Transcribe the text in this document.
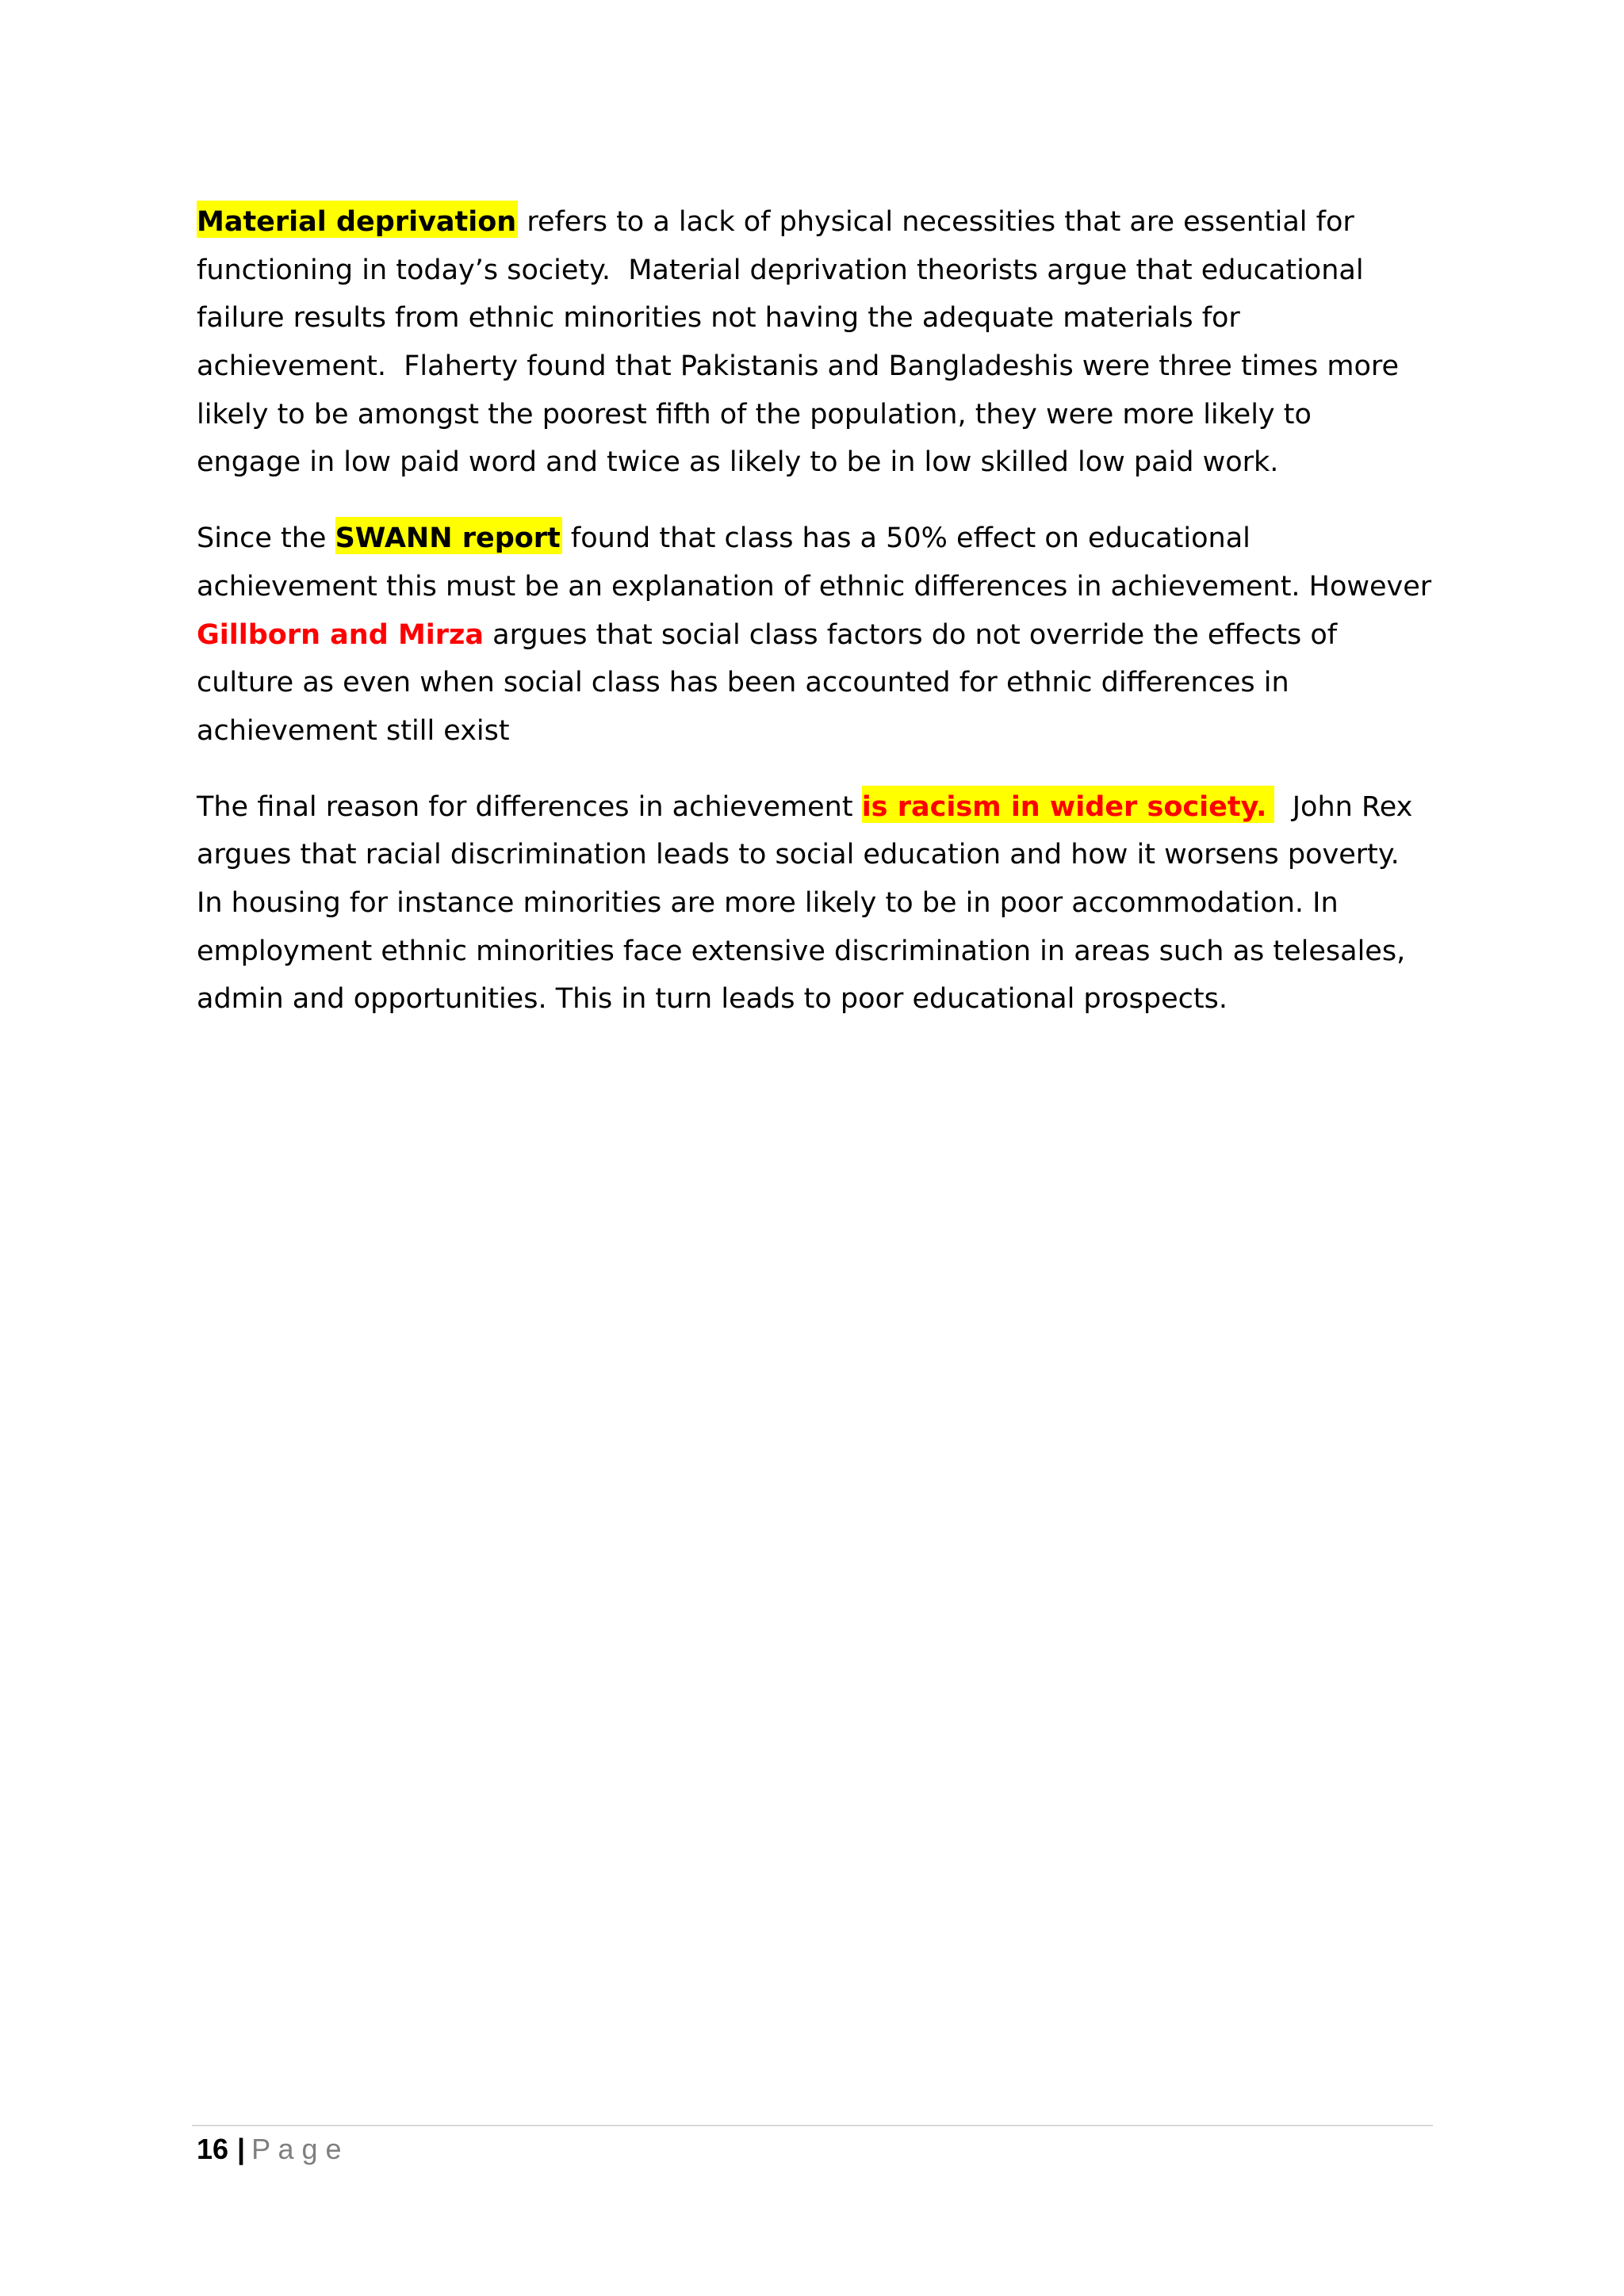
Material deprivation refers to a lack of physical necessities that are essential for
functioning in today’s society.  Material deprivation theorists argue that educational
failure results from ethnic minorities not having the adequate materials for
achievement.  Flaherty found that Pakistanis and Bangladeshis were three times more
likely to be amongst the poorest fifth of the population, they were more likely to
engage in low paid word and twice as likely to be in low skilled low paid work.
Since the SWANN report found that class has a 50% effect on educational
achievement this must be an explanation of ethnic differences in achievement. However
Gillborn and Mirza argues that social class factors do not override the effects of
culture as even when social class has been accounted for ethnic differences in
achievement still exist
The final reason for differences in achievement is racism in wider society.  John Rex
argues that racial discrimination leads to social education and how it worsens poverty.
In housing for instance minorities are more likely to be in poor accommodation. In
employment ethnic minorities face extensive discrimination in areas such as telesales,
admin and opportunities. This in turn leads to poor educational prospects.
16 | P a g e
